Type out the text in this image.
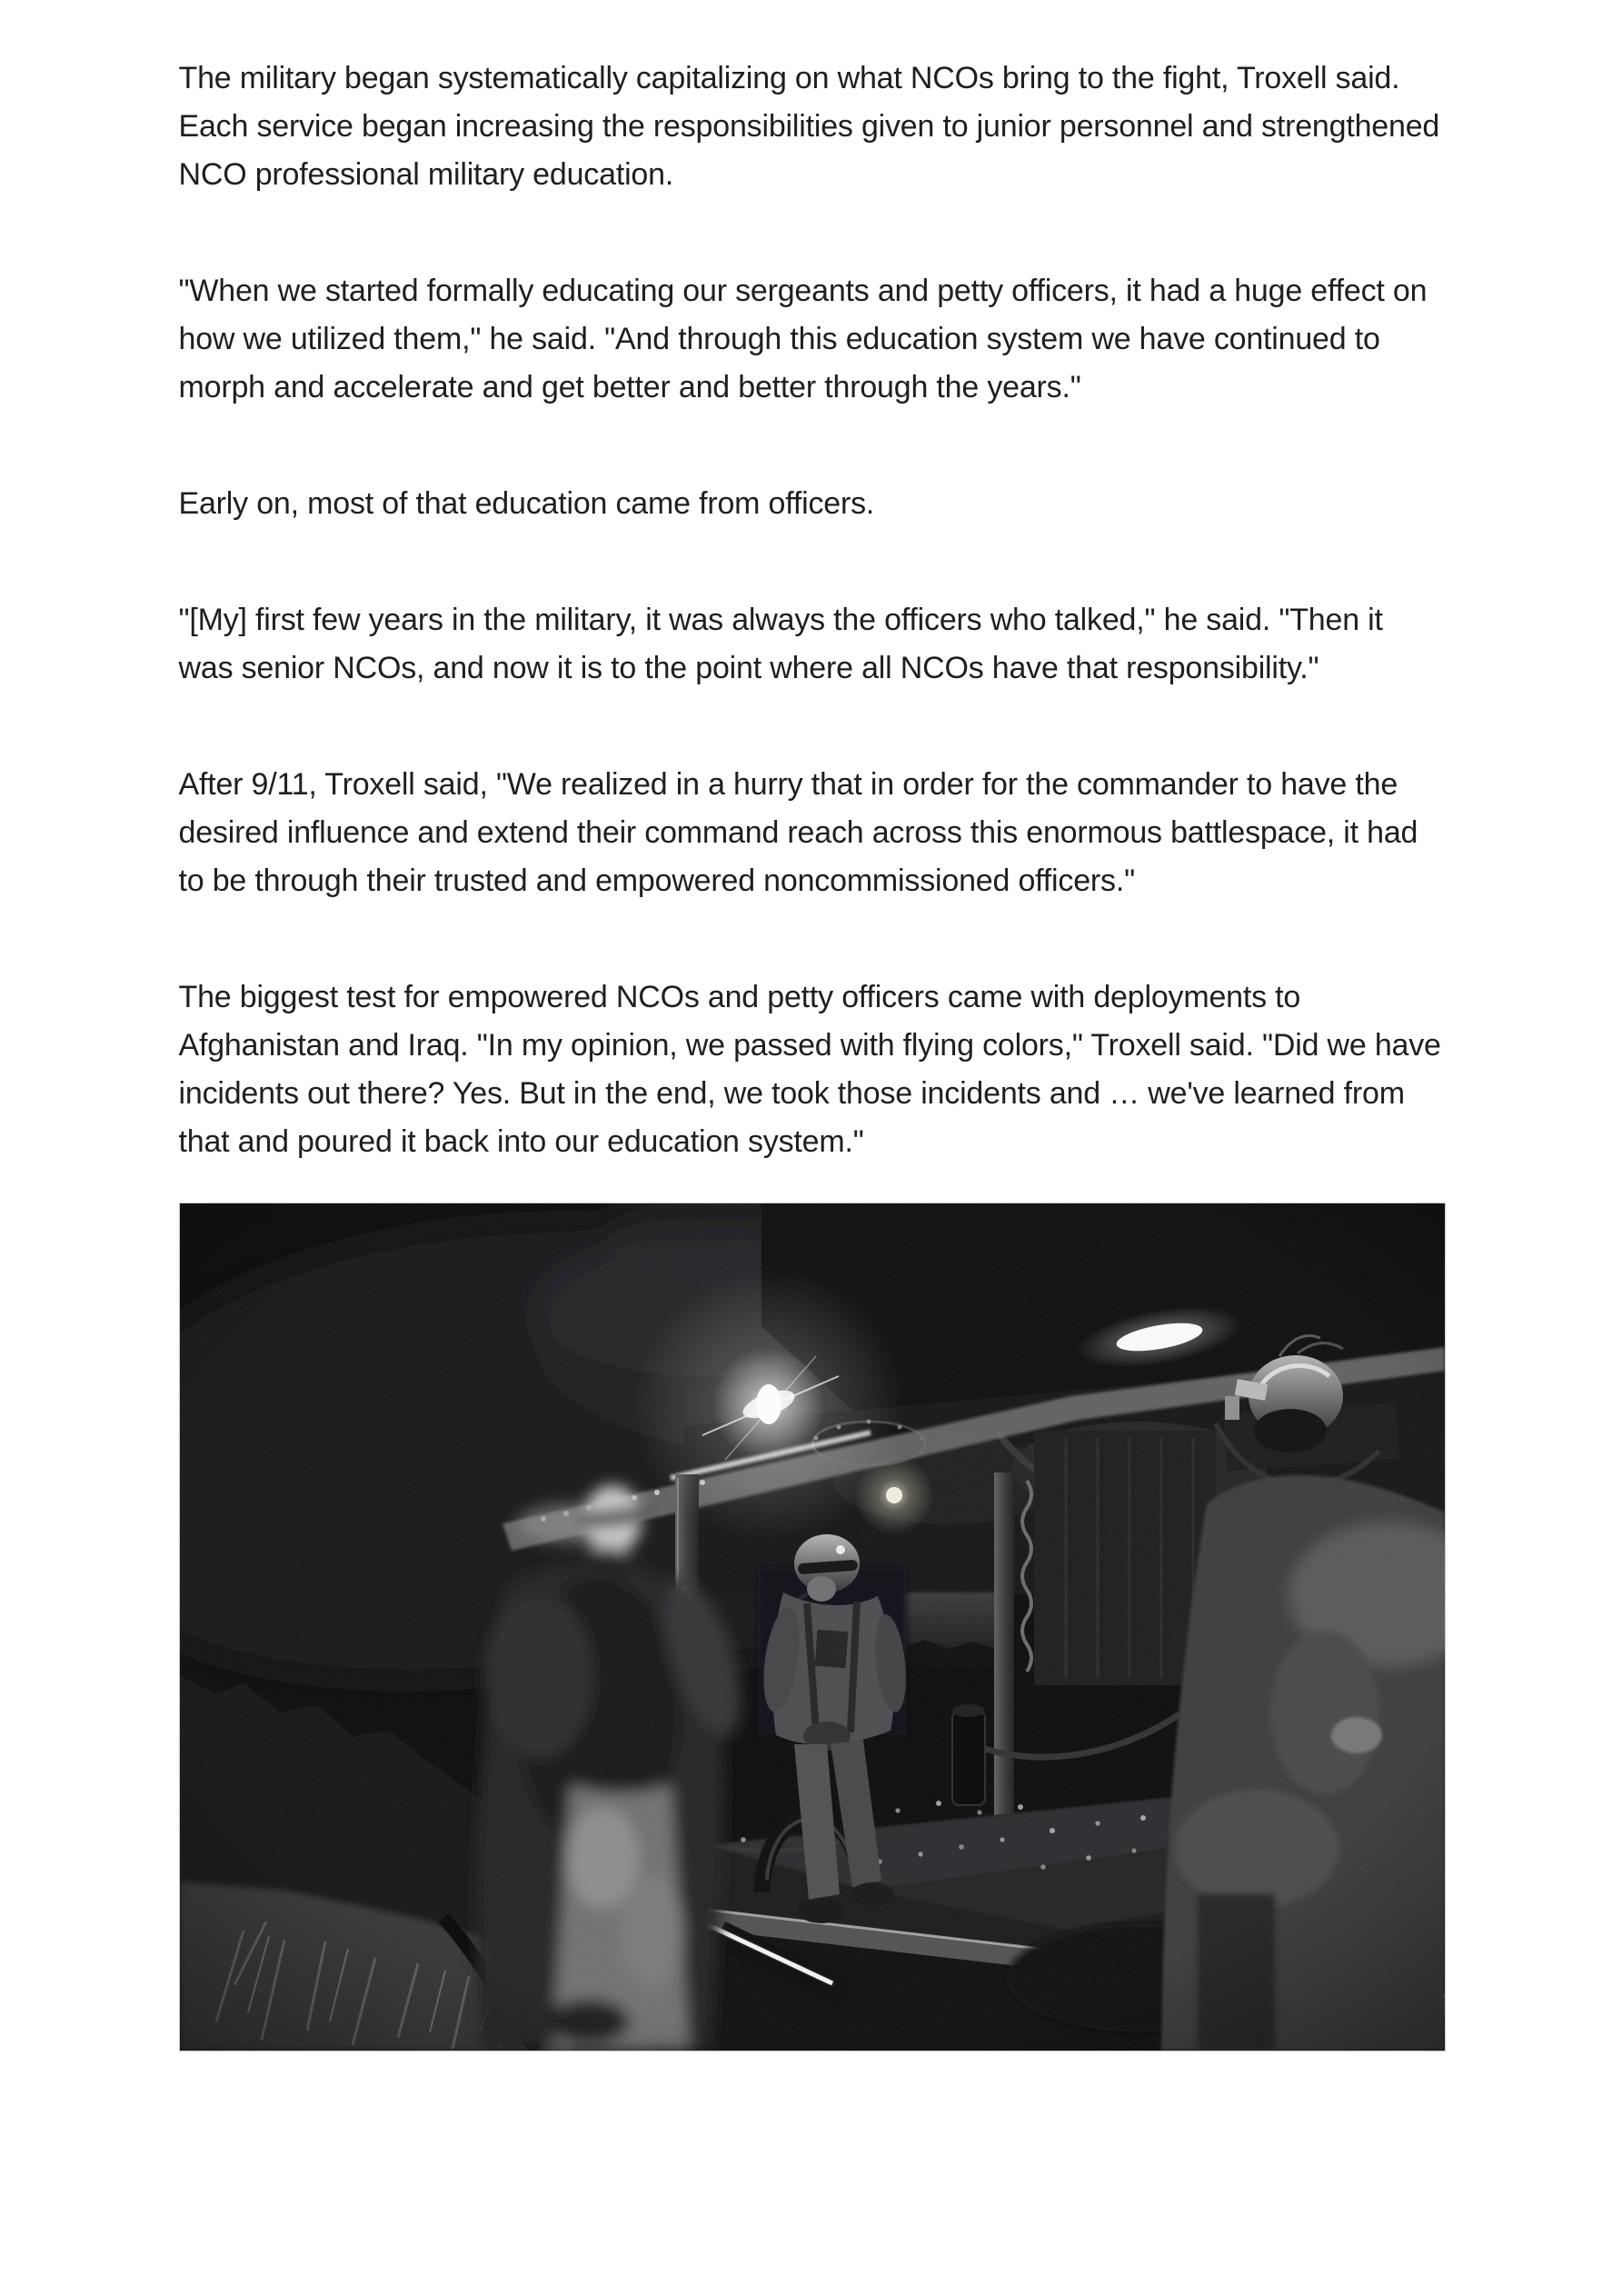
The military began systematically capitalizing on what NCOs bring to the fight, Troxell said. Each service began increasing the responsibilities given to junior personnel and strengthened NCO professional military education.

"When we started formally educating our sergeants and petty officers, it had a huge effect on how we utilized them," he said. "And through this education system we have continued to morph and accelerate and get better and better through the years."

Early on, most of that education came from officers.

"[My] first few years in the military, it was always the officers who talked," he said. "Then it was senior NCOs, and now it is to the point where all NCOs have that responsibility."

After 9/11, Troxell said, "We realized in a hurry that in order for the commander to have the desired influence and extend their command reach across this enormous battlespace, it had to be through their trusted and empowered noncommissioned officers."

The biggest test for empowered NCOs and petty officers came with deployments to Afghanistan and Iraq. "In my opinion, we passed with flying colors," Troxell said. "Did we have incidents out there? Yes. But in the end, we took those incidents and … we've learned from that and poured it back into our education system."
